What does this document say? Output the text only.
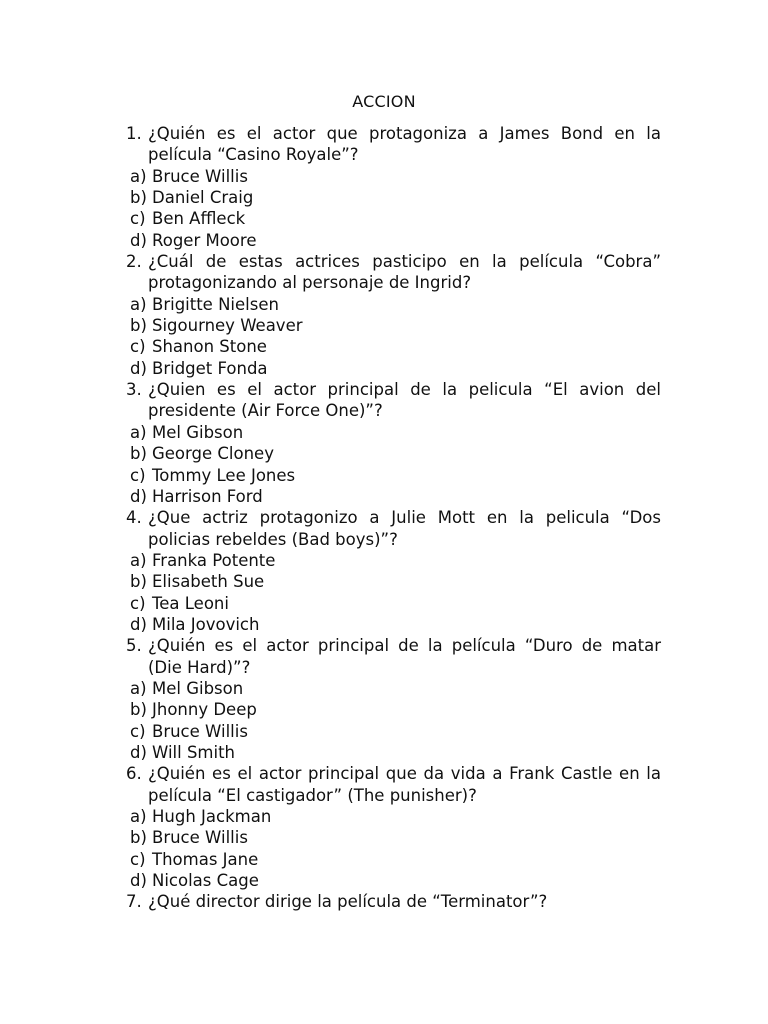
ACCION
1. ¿Quién es el actor que protagoniza a James Bond en la película “Casino Royale”?
a) Bruce Willis
b) Daniel Craig
c) Ben Affleck
d) Roger Moore
2. ¿Cuál de estas actrices pasticipo en la película “Cobra” protagonizando al personaje de Ingrid?
a) Brigitte Nielsen
b) Sigourney Weaver
c) Shanon Stone
d) Bridget Fonda
3. ¿Quien es el actor principal de la pelicula “El avion del presidente (Air Force One)”?
a) Mel Gibson
b) George Cloney
c) Tommy Lee Jones
d) Harrison Ford
4. ¿Que actriz protagonizo a Julie Mott en la pelicula “Dos policias rebeldes (Bad boys)”?
a) Franka Potente
b) Elisabeth Sue
c) Tea Leoni
d) Mila Jovovich
5. ¿Quién es el actor principal de la película “Duro de matar (Die Hard)”?
a) Mel Gibson
b) Jhonny Deep
c) Bruce Willis
d) Will Smith
6. ¿Quién es el actor principal que da vida a Frank Castle en la película “El castigador” (The punisher)?
a) Hugh Jackman
b) Bruce Willis
c) Thomas Jane
d) Nicolas Cage
7. ¿Qué director dirige la película de “Terminator”?
